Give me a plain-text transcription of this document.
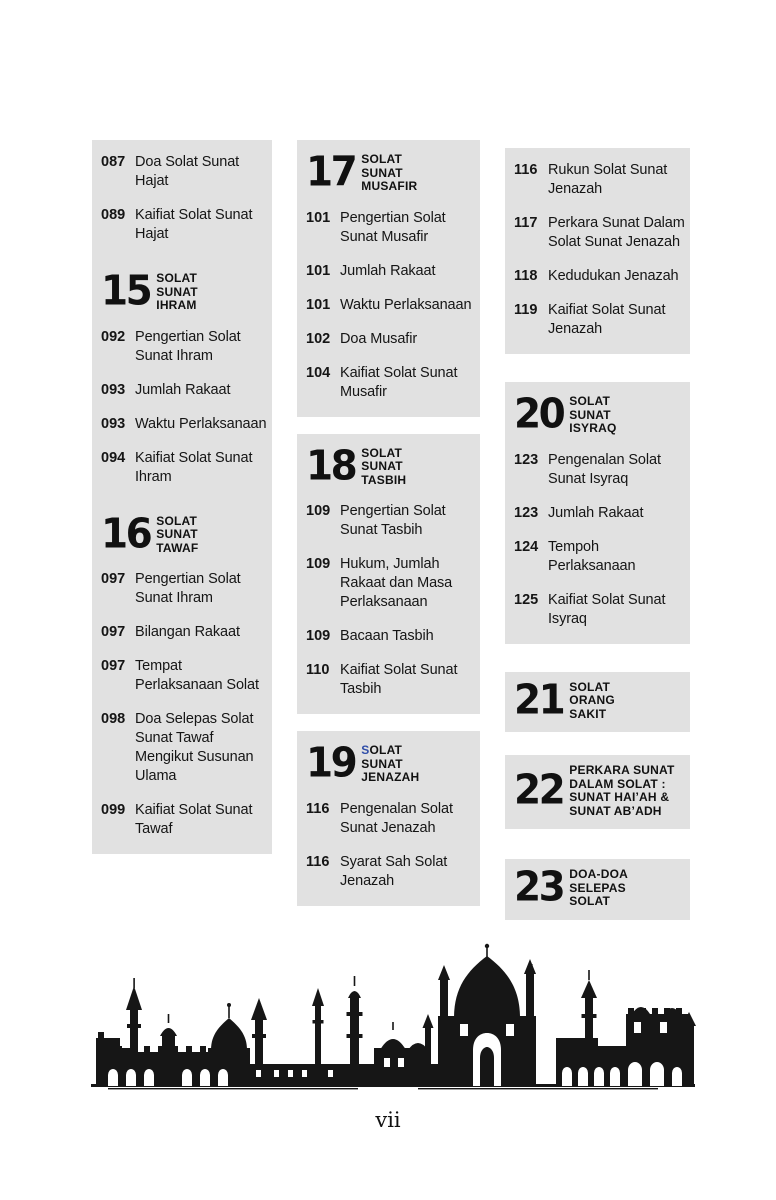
087 Doa Solat Sunat Hajat
089 Kaifiat Solat Sunat Hajat
15 SOLAT
SUNAT
IHRAM
092 Pengertian Solat Sunat Ihram
093 Jumlah Rakaat
093 Waktu Perlaksanaan
094 Kaifiat Solat Sunat Ihram
16 SOLAT
SUNAT
TAWAF
097 Pengertian Solat Sunat Ihram
097 Bilangan Rakaat
097 Tempat Perlaksanaan Solat
098 Doa Selepas Solat Sunat Tawaf Mengikut Susunan Ulama
099 Kaifiat Solat Sunat Tawaf
17 SOLAT
SUNAT
MUSAFIR
101 Pengertian Solat Sunat Musafir
101 Jumlah Rakaat
101 Waktu Perlaksanaan
102 Doa Musafir
104 Kaifiat Solat Sunat Musafir
18 SOLAT
SUNAT
TASBIH
109 Pengertian Solat Sunat Tasbih
109 Hukum, Jumlah Rakaat dan Masa Perlaksanaan
109 Bacaan Tasbih
110 Kaifiat Solat Sunat Tasbih
19 SOLAT
SUNAT
JENAZAH
116 Pengenalan Solat Sunat Jenazah
116 Syarat Sah Solat Jenazah
116 Rukun Solat Sunat Jenazah
117 Perkara Sunat Dalam Solat Sunat Jenazah
118 Kedudukan Jenazah
119 Kaifiat Solat Sunat Jenazah
20 SOLAT
SUNAT
ISYRAQ
123 Pengenalan Solat Sunat Isyraq
123 Jumlah Rakaat
124 Tempoh Perlaksanaan
125 Kaifiat Solat Sunat Isyraq
21 SOLAT
ORANG
SAKIT
22 PERKARA SUNAT
DALAM SOLAT :
SUNAT HAI’AH &
SUNAT AB’ADH
23 DOA-DOA
SELEPAS
SOLAT
vii
